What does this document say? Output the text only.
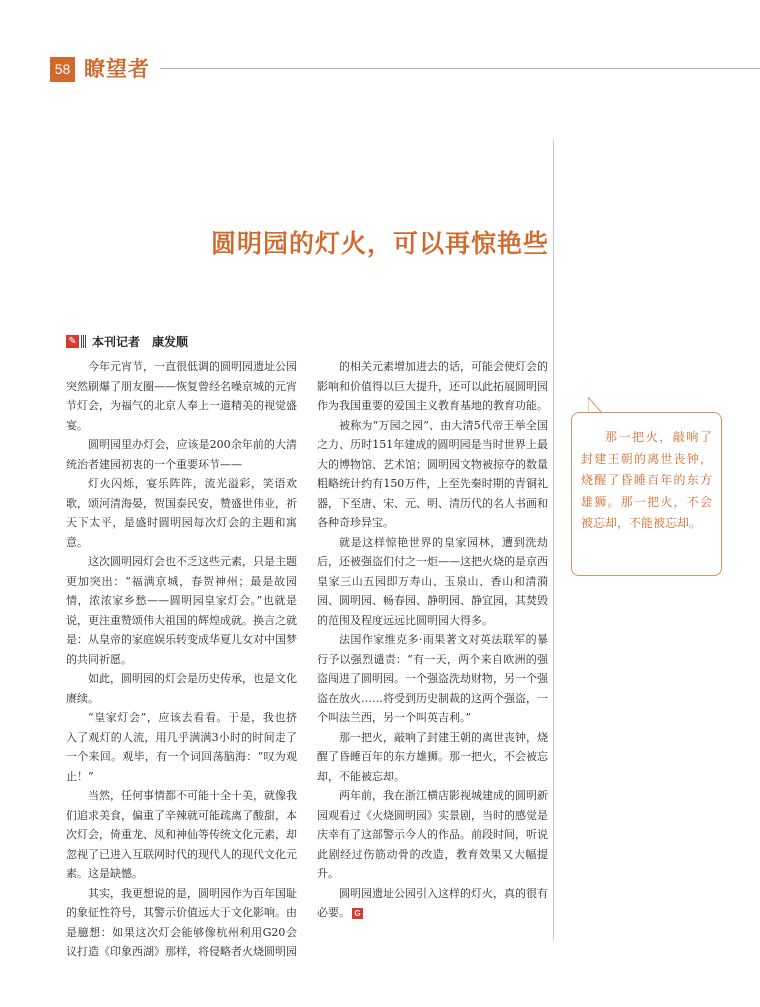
58 瞭望者
圆明园的灯火，可以再惊艳些
✎ 本刊记者　康发顺

今年元宵节，一直很低调的圆明园遗址公园突然刷爆了朋友圈——恢复曾经名噪京城的元宵节灯会，为福气的北京人奉上一道精美的视觉盛宴。

圆明园里办灯会，应该是200余年前的大清统治者建园初衷的一个重要环节——

灯火闪烁，宴乐阵阵，流光溢彩，笑语欢歌，颂河清海晏，贺国泰民安，赞盛世伟业，祈天下太平，是盛时圆明园每次灯会的主题和寓意。

这次圆明园灯会也不乏这些元素，只是主题更加突出：“福满京城，春贺神州；最是故园情，浓浓家乡愁——圆明园皇家灯会。”也就是说，更注重赞颂伟大祖国的辉煌成就。换言之就是：从皇帝的家庭娱乐转变成华夏儿女对中国梦的共同祈愿。

如此，圆明园的灯会是历史传承，也是文化赓续。

“皇家灯会”，应该去看看。于是，我也挤入了观灯的人流，用几乎满满3小时的时间走了一个来回。观毕，有一个词回荡脑海：“叹为观止！”

当然，任何事情都不可能十全十美，就像我们追求美食，偏重了辛辣就可能疏离了酸甜，本次灯会，倚重龙、凤和神仙等传统文化元素，却忽视了已进入互联网时代的现代人的现代文化元素。这是缺憾。

其实，我更想说的是，圆明园作为百年国耻的象征性符号，其警示价值远大于文化影响。由是臆想：如果这次灯会能够像杭州利用G20会议打造《印象西湖》那样，将侵略者火烧圆明园

的相关元素增加进去的话，可能会使灯会的影响和价值得以巨大提升，还可以此拓展圆明园作为我国重要的爱国主义教育基地的教育功能。

被称为“万园之园”、由大清5代帝王举全国之力、历时151年建成的圆明园是当时世界上最大的博物馆、艺术馆；圆明园文物被掠夺的数量粗略统计约有150万件，上至先秦时期的青铜礼器，下至唐、宋、元、明、清历代的名人书画和各种奇珍异宝。

就是这样惊艳世界的皇家园林，遭到洗劫后，还被强盗们付之一炬——这把火烧的是京西皇家三山五园即万寿山、玉泉山、香山和清漪园、圆明园、畅春园、静明园、静宜园，其焚毁的范围及程度远远比圆明园大得多。

法国作家维克多·雨果著文对英法联军的暴行予以强烈谴责：“有一天，两个来自欧洲的强盗闯进了圆明园。一个强盗洗劫财物，另一个强盗在放火……将受到历史制裁的这两个强盗，一个叫法兰西，另一个叫英吉利。”

那一把火，敲响了封建王朝的离世丧钟，烧醒了昏睡百年的东方雄狮。那一把火，不会被忘却，不能被忘却。

两年前，我在浙江横店影视城建成的圆明新园观看过《火烧圆明园》实景剧，当时的感觉是庆幸有了这部警示今人的作品。前段时间，听说此剧经过伤筋动骨的改造，教育效果又大幅提升。

圆明园遗址公园引入这样的灯火，真的很有必要。 G

那一把火，敲响了封建王朝的离世丧钟，烧醒了昏睡百年的东方雄狮。那一把火，不会被忘却，不能被忘却。
